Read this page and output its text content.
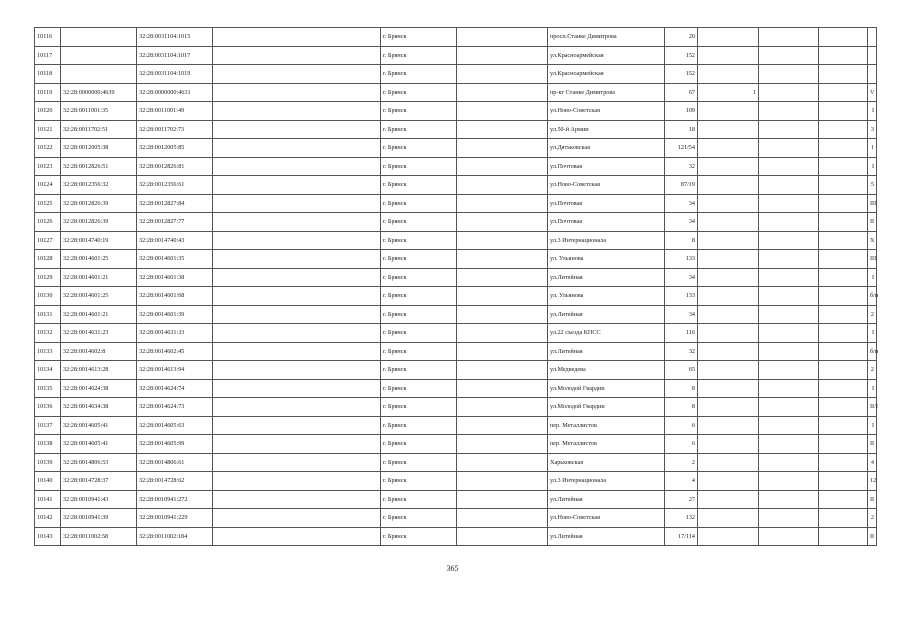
10116		32:28:0031104:1015		г. Брянск		просп.Станке Димитрова	20				
10117		32:28:0031104:1017		г. Брянск		ул.Красноармейская	152				
10118		32:28:0031104:1019		г. Брянск		ул.Красноармейская	152				
10119	32:28:0000000:4639	32:28:0000000:4631		г. Брянск		пр-кт Станке Димитрова	67	1			V
10120	32:28:0011001:35	32:28:0011001:49		г. Брянск		ул.Ново-Советская	109				I
10121	32:28:0011702:51	32:28:0011702:73		г. Брянск		ул.50-й Армии	18				3
10122	32:28:0012005:38	32:28:0012005:85		г. Брянск		ул.Дятьковская	121/54				1
10123	32:28:0012826:51	32:28:0012826:81		г. Брянск		ул.Почтовая	32				I
10124	32:28:0012356:32	32:28:0012356:61		г. Брянск		ул.Ново-Советская	87/19				5
10125	32:28:0012826:39	32:28:0012827:84		г. Брянск		ул.Почтовая	34				III
10126	32:28:0012826:39	32:28:0012827:77		г. Брянск		ул.Почтовая	34				II
10127	32:28:0014740:19	32:28:0014740:43		г. Брянск		ул.3 Интернационала	8				X
10128	32:28:0014601:25	32:28:0014601:35		г. Брянск		ул. Ульянова	133				III
10129	32:28:0014601:21	32:28:0014601:38		г. Брянск		ул.Литейная	34				I
10130	32:28:0014601:25	32:28:0014601:68		г. Брянск		ул. Ульянова	133				б/н
10131	32:28:0014601:21	32:28:0014601:39		г. Брянск		ул.Литейная	34				2
10132	32:28:0014631:23	32:28:0014631:33		г. Брянск		ул.22 съезда КПСС	116				I
10133	32:28:0014602:8	32:28:0014602:45		г. Брянск		ул.Литейная	32				б/н
10134	32:28:0014613:28	32:28:0014613:94		г. Брянск		ул.Медведева	65				2
10135	32:28:0014624:38	32:28:0014624:74		г. Брянск		ул.Молодой Гвардии	8				I
10136	32:28:0014634:38	32:28:0014624:73		г. Брянск		ул.Молодой Гвардии	8				II/I
10137	32:28:0014605:41	32:28:0014605:63		г. Брянск		пер. Металлистов	6				I
10138	32:28:0014605:41	32:28:0014605:99		г. Брянск		пер. Металлистов	6				II
10139	32:28:0014806:53	32:28:0014806:61		г. Брянск		Харьковская	2				4
10140	32:28:0014728:37	32:28:0014728:62		г. Брянск		ул.3 Интернационала	4				12
10141	32:28:0010941:43	32:28:0010941:272		г. Брянск		ул.Литейная	27				II
10142	32:28:0010941:39	32:28:0010941:229		г. Брянск		ул.Ново-Советская	132				2
10143	32:28:0011002:58	32:28:0011002:184		г. Брянск		ул.Литейная	17/114				II
365
